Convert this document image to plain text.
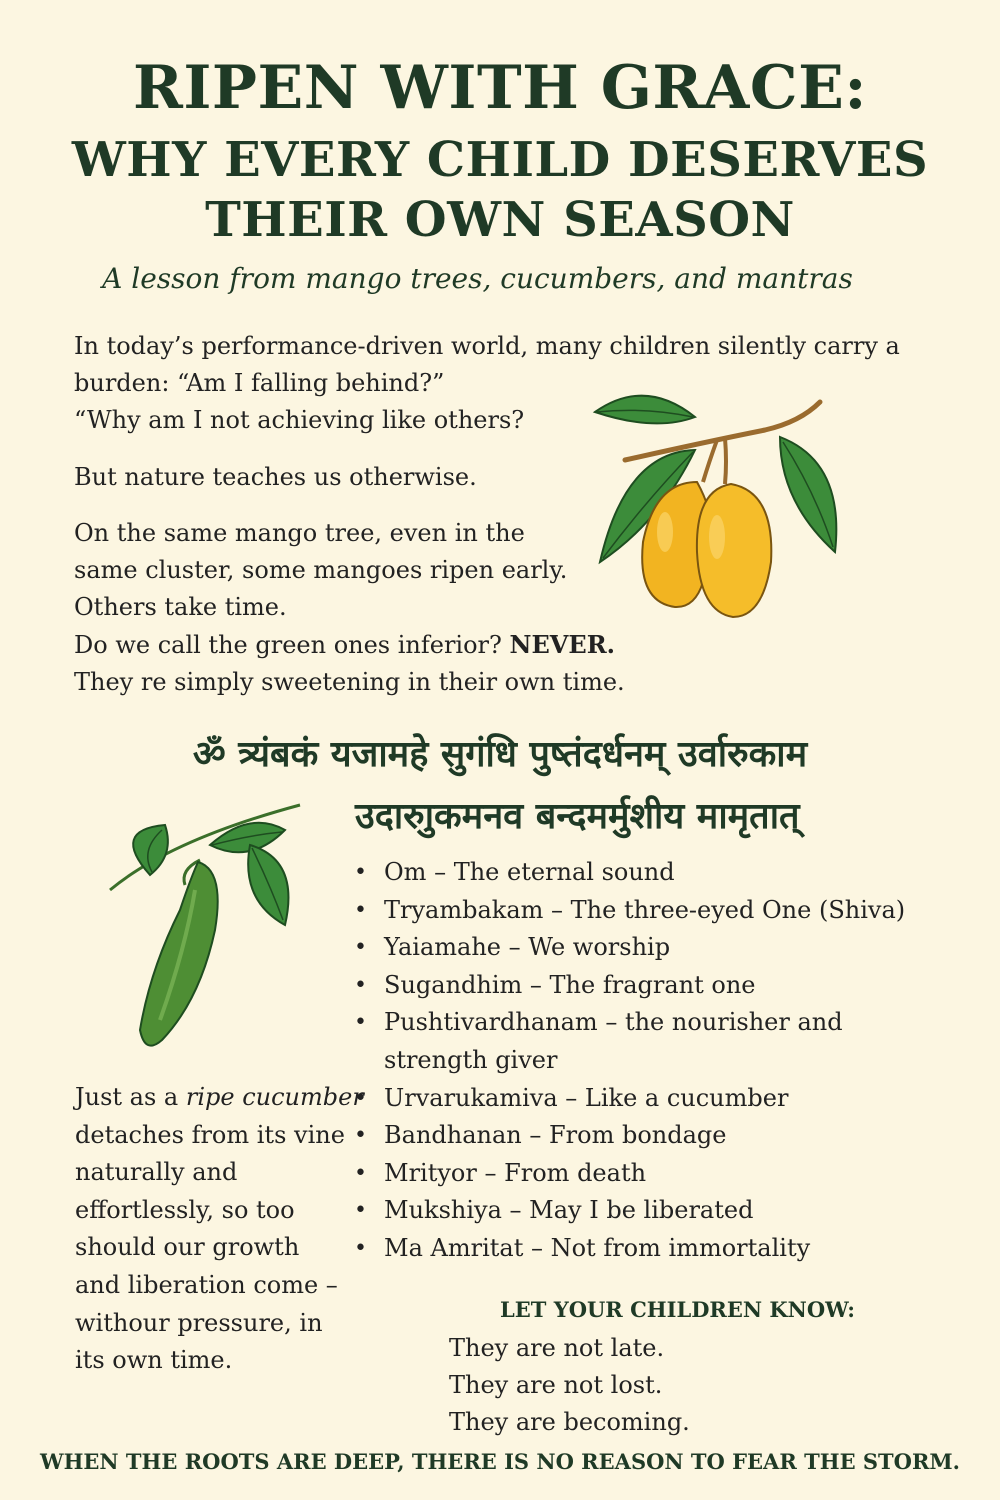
RIPEN WITH GRACE:
WHY EVERY CHILD DESERVES
THEIR OWN SEASON
A lesson from mango trees, cucumbers, and mantras
In today’s performance-driven world, many children silently carry a
burden: “Am I falling behind?”
“Why am I not achieving like others?
But nature teaches us otherwise.
On the same mango tree, even in the
same cluster, some mangoes ripen early.
Others take time.
Do we call the green ones inferior? NEVER.
They re simply sweetening in their own time.
ॐ त्र्यंबकं यजामहे सुगंधि पुष्तंदर्धनम् उर्वारुकाम
उदारुाुकमनव बन्दमर्मुशीय मामृतात्
• Om – The eternal sound
• Tryambakam – The three-eyed One (Shiva)
• Yaiamahe – We worship
• Sugandhim – The fragrant one
• Pushtivardhanam – the nourisher and
strength giver
• Urvarukamiva – Like a cucumber
• Bandhanan – From bondage
• Mrityor – From death
• Mukshiya – May I be liberated
• Ma Amritat – Not from immortality
Just as a ripe cucumber
detaches from its vine
naturally and
effortlessly, so too
should our growth
and liberation come –
withour pressure, in
its own time.
LET YOUR CHILDREN KNOW:
They are not late.
They are not lost.
They are becoming.
WHEN THE ROOTS ARE DEEP, THERE IS NO REASON TO FEAR THE STORM.
